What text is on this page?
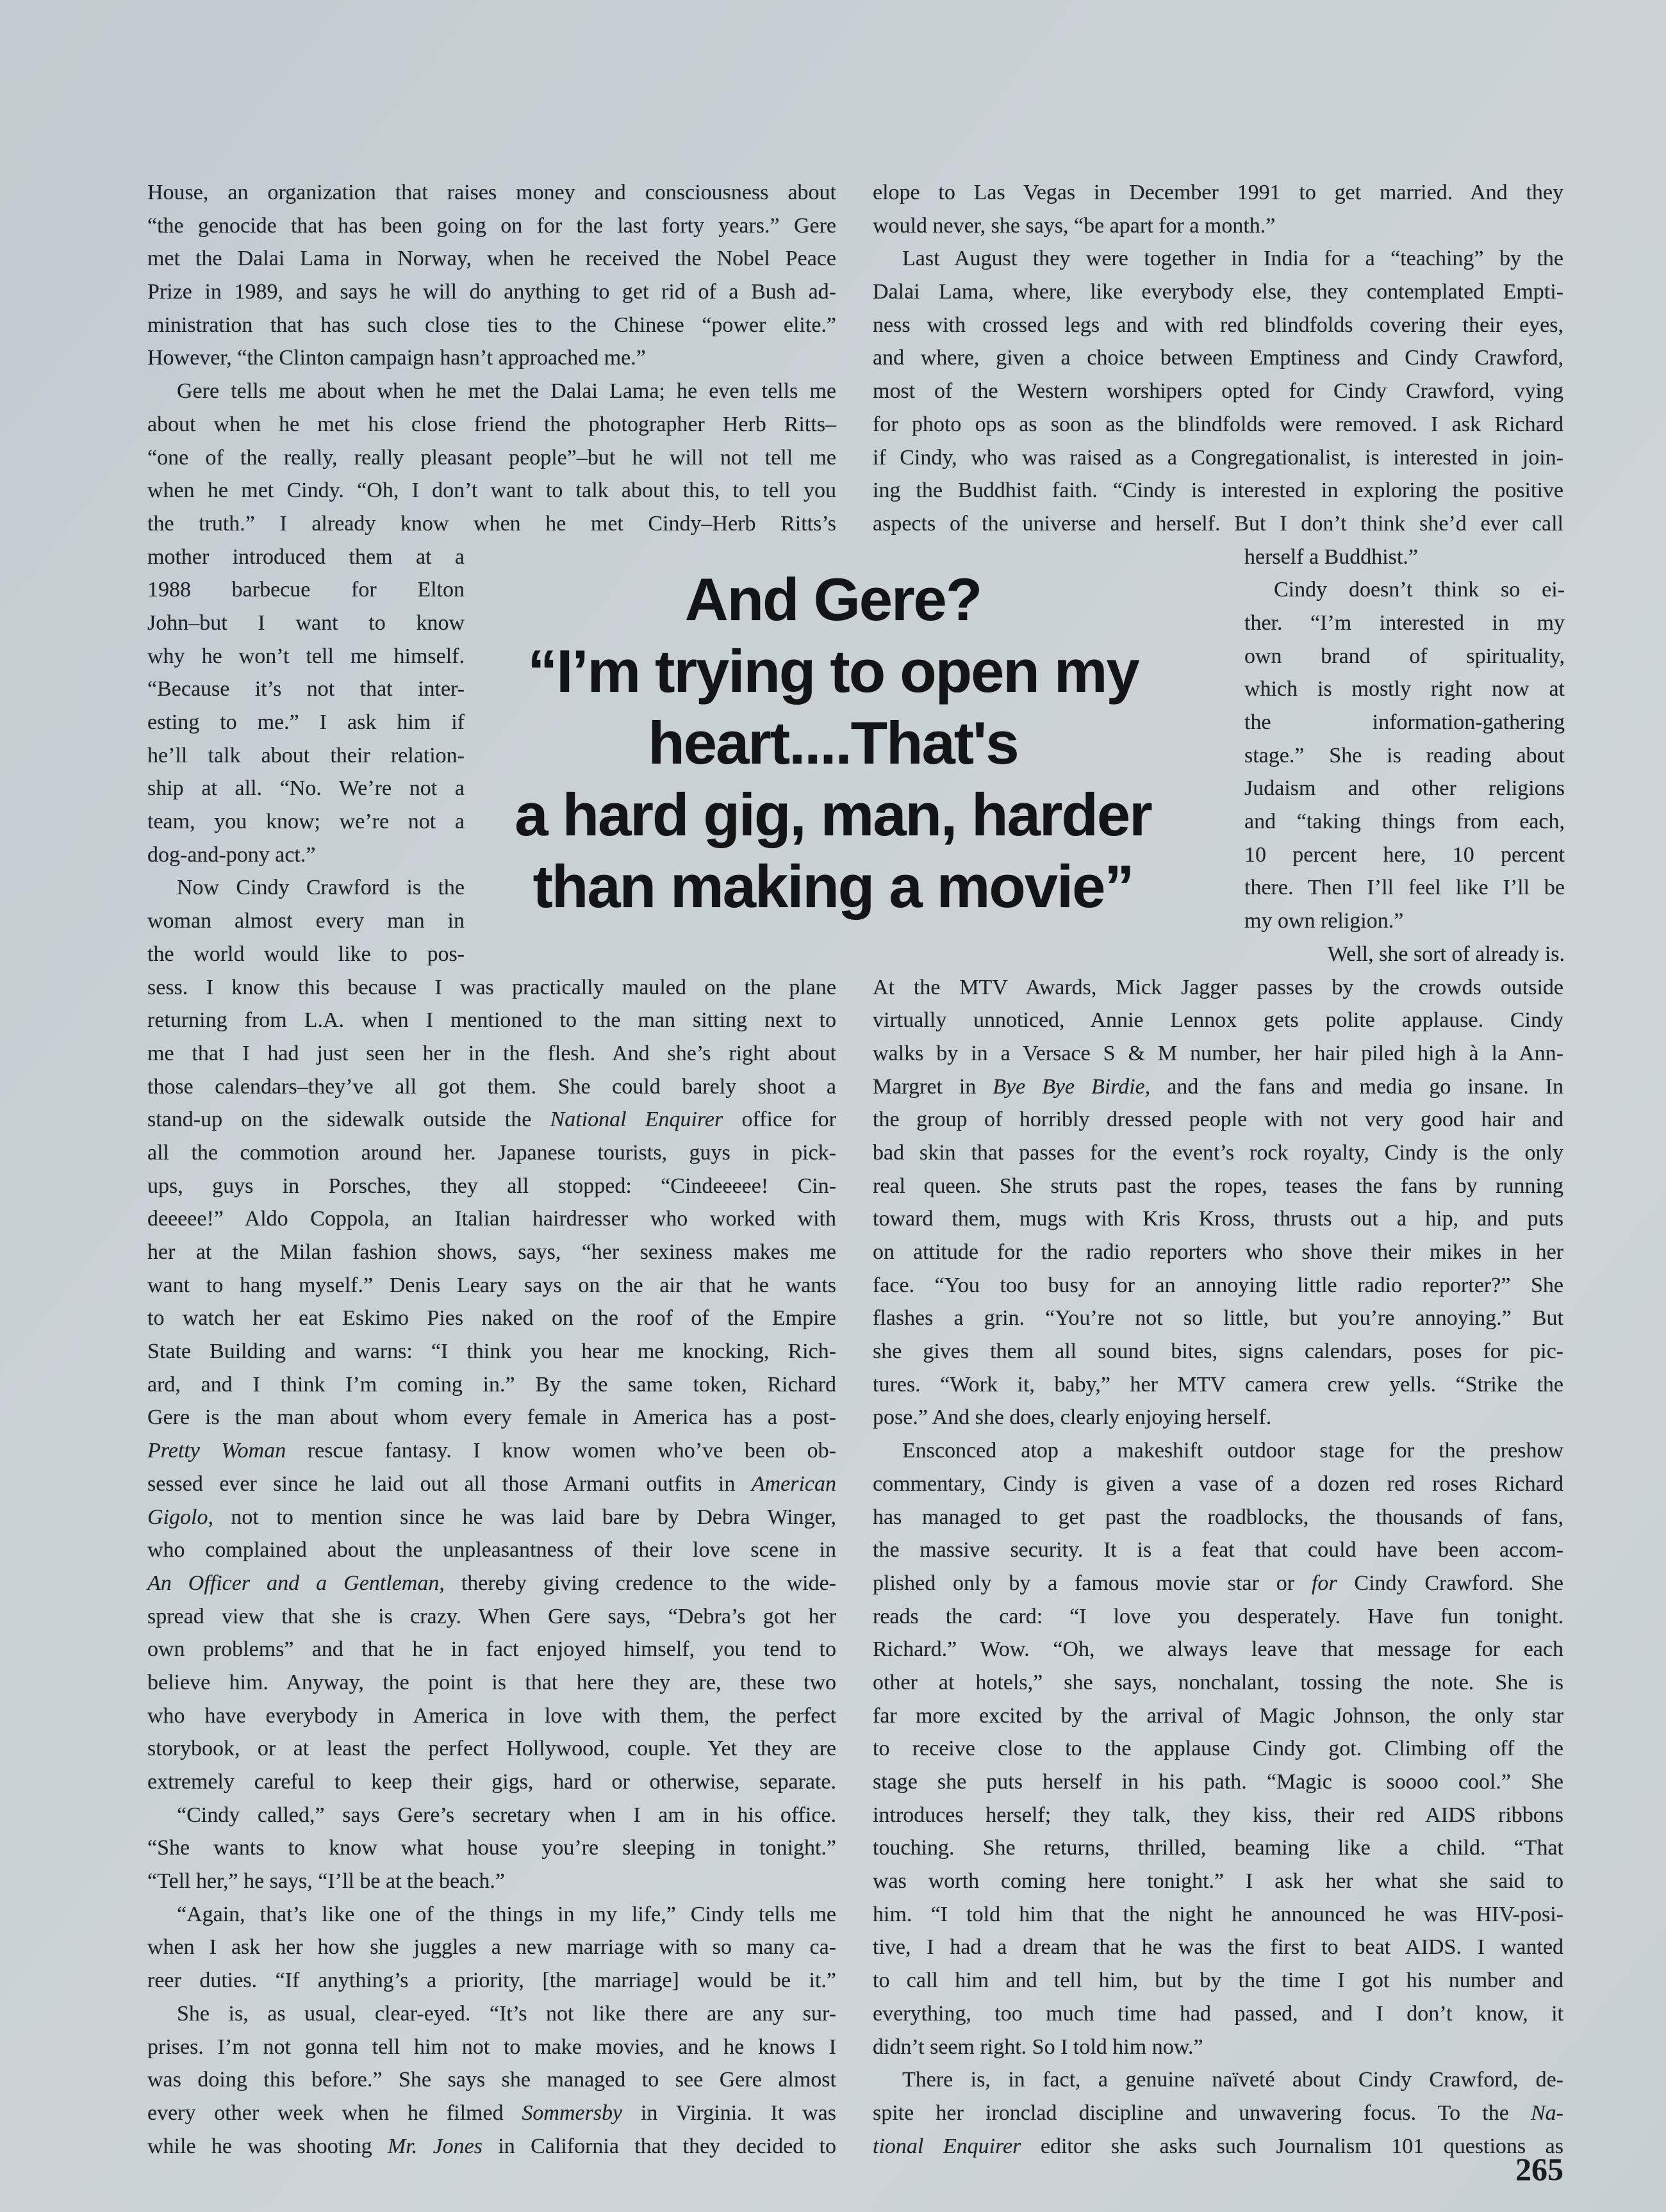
House, an organization that raises money and consciousness about
“the genocide that has been going on for the last forty years.” Gere
met the Dalai Lama in Norway, when he received the Nobel Peace
Prize in 1989, and says he will do anything to get rid of a Bush ad-
ministration that has such close ties to the Chinese “power elite.”
However, “the Clinton campaign hasn’t approached me.”
Gere tells me about when he met the Dalai Lama; he even tells me
about when he met his close friend the photographer Herb Ritts–
“one of the really, really pleasant people”–but he will not tell me
when he met Cindy. “Oh, I don’t want to talk about this, to tell you
the truth.” I already know when he met Cindy–Herb Ritts’s
mother introduced them at a
1988 barbecue for Elton
John–but I want to know
why he won’t tell me himself.
“Because it’s not that inter-
esting to me.” I ask him if
he’ll talk about their relation-
ship at all. “No. We’re not a
team, you know; we’re not a
dog-and-pony act.”
Now Cindy Crawford is the
woman almost every man in
the world would like to pos-
sess. I know this because I was practically mauled on the plane
returning from L.A. when I mentioned to the man sitting next to
me that I had just seen her in the flesh. And she’s right about
those calendars–they’ve all got them. She could barely shoot a
stand-up on the sidewalk outside the National Enquirer office for
all the commotion around her. Japanese tourists, guys in pick-
ups, guys in Porsches, they all stopped: “Cindeeeee! Cin-
deeeee!” Aldo Coppola, an Italian hairdresser who worked with
her at the Milan fashion shows, says, “her sexiness makes me
want to hang myself.” Denis Leary says on the air that he wants
to watch her eat Eskimo Pies naked on the roof of the Empire
State Building and warns: “I think you hear me knocking, Rich-
ard, and I think I’m coming in.” By the same token, Richard
Gere is the man about whom every female in America has a post-
Pretty Woman rescue fantasy. I know women who’ve been ob-
sessed ever since he laid out all those Armani outfits in American
Gigolo, not to mention since he was laid bare by Debra Winger,
who complained about the unpleasantness of their love scene in
An Officer and a Gentleman, thereby giving credence to the wide-
spread view that she is crazy. When Gere says, “Debra’s got her
own problems” and that he in fact enjoyed himself, you tend to
believe him. Anyway, the point is that here they are, these two
who have everybody in America in love with them, the perfect
storybook, or at least the perfect Hollywood, couple. Yet they are
extremely careful to keep their gigs, hard or otherwise, separate.
“Cindy called,” says Gere’s secretary when I am in his office.
“She wants to know what house you’re sleeping in tonight.”
“Tell her,” he says, “I’ll be at the beach.”
“Again, that’s like one of the things in my life,” Cindy tells me
when I ask her how she juggles a new marriage with so many ca-
reer duties. “If anything’s a priority, [the marriage] would be it.”
She is, as usual, clear-eyed. “It’s not like there are any sur-
prises. I’m not gonna tell him not to make movies, and he knows I
was doing this before.” She says she managed to see Gere almost
every other week when he filmed Sommersby in Virginia. It was
while he was shooting Mr. Jones in California that they decided to
elope to Las Vegas in December 1991 to get married. And they
would never, she says, “be apart for a month.”
Last August they were together in India for a “teaching” by the
Dalai Lama, where, like everybody else, they contemplated Empti-
ness with crossed legs and with red blindfolds covering their eyes,
and where, given a choice between Emptiness and Cindy Crawford,
most of the Western worshipers opted for Cindy Crawford, vying
for photo ops as soon as the blindfolds were removed. I ask Richard
if Cindy, who was raised as a Congregationalist, is interested in join-
ing the Buddhist faith. “Cindy is interested in exploring the positive
aspects of the universe and herself. But I don’t think she’d ever call
herself a Buddhist.”
Cindy doesn’t think so ei-
ther. “I’m interested in my
own brand of spirituality,
which is mostly right now at
the information-gathering
stage.” She is reading about
Judaism and other religions
and “taking things from each,
10 percent here, 10 percent
there. Then I’ll feel like I’ll be
my own religion.”
Well, she sort of already is.
At the MTV Awards, Mick Jagger passes by the crowds outside
virtually unnoticed, Annie Lennox gets polite applause. Cindy
walks by in a Versace S & M number, her hair piled high à la Ann-
Margret in Bye Bye Birdie, and the fans and media go insane. In
the group of horribly dressed people with not very good hair and
bad skin that passes for the event’s rock royalty, Cindy is the only
real queen. She struts past the ropes, teases the fans by running
toward them, mugs with Kris Kross, thrusts out a hip, and puts
on attitude for the radio reporters who shove their mikes in her
face. “You too busy for an annoying little radio reporter?” She
flashes a grin. “You’re not so little, but you’re annoying.” But
she gives them all sound bites, signs calendars, poses for pic-
tures. “Work it, baby,” her MTV camera crew yells. “Strike the
pose.” And she does, clearly enjoying herself.
Ensconced atop a makeshift outdoor stage for the preshow
commentary, Cindy is given a vase of a dozen red roses Richard
has managed to get past the roadblocks, the thousands of fans,
the massive security. It is a feat that could have been accom-
plished only by a famous movie star or for Cindy Crawford. She
reads the card: “I love you desperately. Have fun tonight.
Richard.” Wow. “Oh, we always leave that message for each
other at hotels,” she says, nonchalant, tossing the note. She is
far more excited by the arrival of Magic Johnson, the only star
to receive close to the applause Cindy got. Climbing off the
stage she puts herself in his path. “Magic is soooo cool.” She
introduces herself; they talk, they kiss, their red AIDS ribbons
touching. She returns, thrilled, beaming like a child. “That
was worth coming here tonight.” I ask her what she said to
him. “I told him that the night he announced he was HIV-posi-
tive, I had a dream that he was the first to beat AIDS. I wanted
to call him and tell him, but by the time I got his number and
everything, too much time had passed, and I don’t know, it
didn’t seem right. So I told him now.”
There is, in fact, a genuine naïveté about Cindy Crawford, de-
spite her ironclad discipline and unwavering focus. To the Na-
tional Enquirer editor she asks such Journalism 101 questions as
And Gere?
“I’m trying to open my
heart....That's
a hard gig, man, harder
than making a movie”
265
